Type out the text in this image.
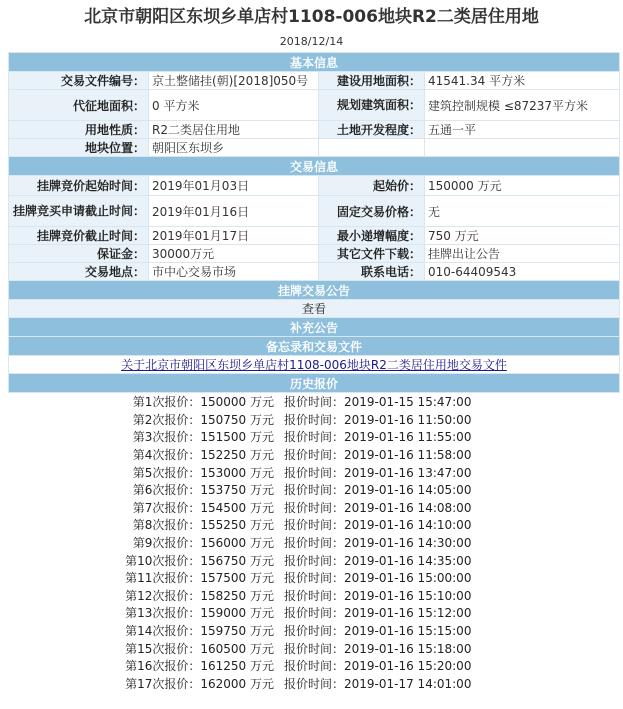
北京市朝阳区东坝乡单店村1108-006地块R2二类居住用地
2018/12/14
基本信息			
交易文件编号：	京土整储挂(朝)[2018]050号	建设用地面积：	41541.34 平方米
代征地面积：	0 平方米	规划建筑面积：	建筑控制规模 ≤87237平方米
用地性质：	R2二类居住用地	土地开发程度：	五通一平
地块位置：	朝阳区东坝乡		
交易信息			
挂牌竞价起始时间：	2019年01月03日	起始价：	150000 万元
挂牌竞买申请截止时间：	2019年01月16日	固定交易价格：	无
挂牌竞价截止时间：	2019年01月17日	最小递增幅度：	750 万元
保证金：	30000万元	其它文件下载：	挂牌出让公告
交易地点：	市中心交易市场	联系电话：	010-64409543
挂牌交易公告			
查看			
补充公告			
备忘录和交易文件			
关于北京市朝阳区东坝乡单店村1108-006地块R2二类居住用地交易文件			
历史报价			
第1次报价：150000 万元	报价时间：2019-01-15 15:47:00
第2次报价：150750 万元	报价时间：2019-01-16 11:50:00
第3次报价：151500 万元	报价时间：2019-01-16 11:55:00
第4次报价：152250 万元	报价时间：2019-01-16 11:58:00
第5次报价：153000 万元	报价时间：2019-01-16 13:47:00
第6次报价：153750 万元	报价时间：2019-01-16 14:05:00
第7次报价：154500 万元	报价时间：2019-01-16 14:08:00
第8次报价：155250 万元	报价时间：2019-01-16 14:10:00
第9次报价：156000 万元	报价时间：2019-01-16 14:30:00
第10次报价：156750 万元	报价时间：2019-01-16 14:35:00
第11次报价：157500 万元	报价时间：2019-01-16 15:00:00
第12次报价：158250 万元	报价时间：2019-01-16 15:10:00
第13次报价：159000 万元	报价时间：2019-01-16 15:12:00
第14次报价：159750 万元	报价时间：2019-01-16 15:15:00
第15次报价：160500 万元	报价时间：2019-01-16 15:18:00
第16次报价：161250 万元	报价时间：2019-01-16 15:20:00
第17次报价：162000 万元	报价时间：2019-01-17 14:01:00
